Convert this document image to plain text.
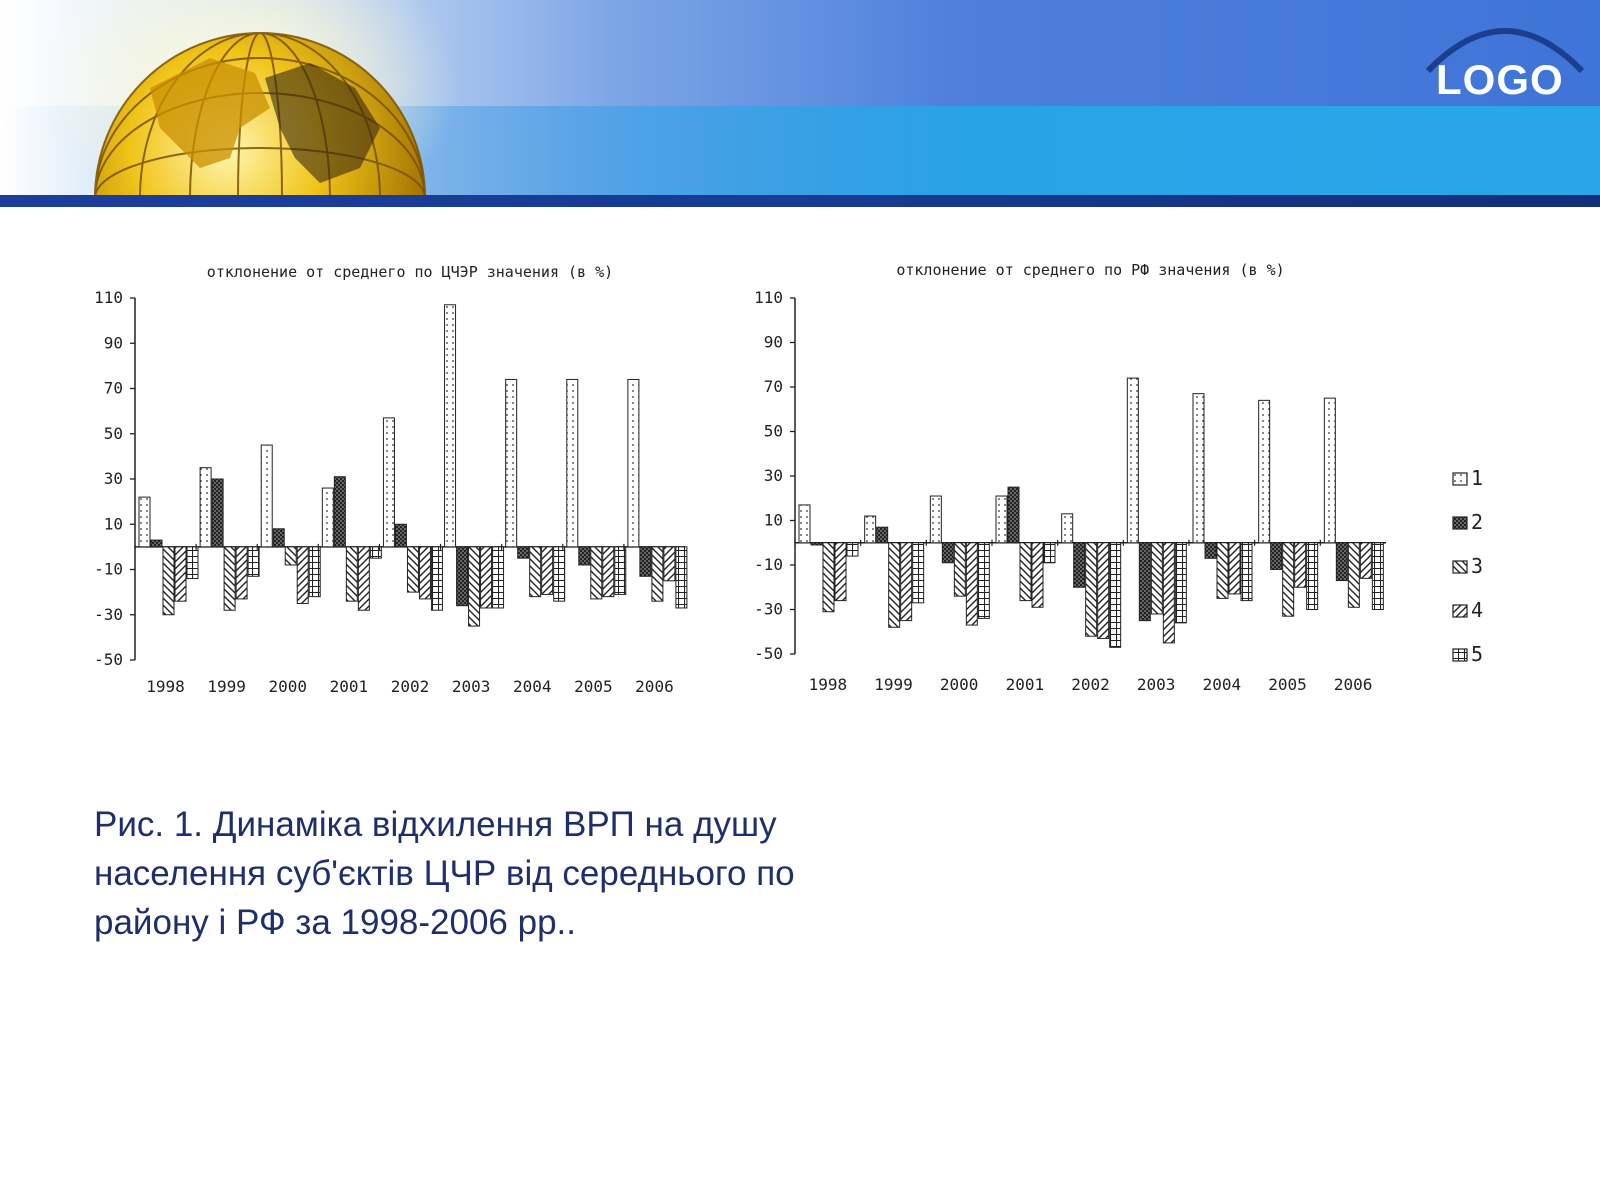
LOGO
отклонение от среднего по ЦЧЭР значения (в %)
110
90
70
50
30
10
-10
-30
-50
1998 1999 2000 2001 2002 2003 2004 2005 2006
отклонение от среднего по РФ значения (в %)
110
90
70
50
30
10
-10
-30
-50
1998 1999 2000 2001 2002 2003 2004 2005 2006
1
2
3
4
5
Рис. 1. Динаміка відхилення ВРП на душу населення суб'єктів ЦЧР від середнього по району і РФ за 1998-2006 рр..
